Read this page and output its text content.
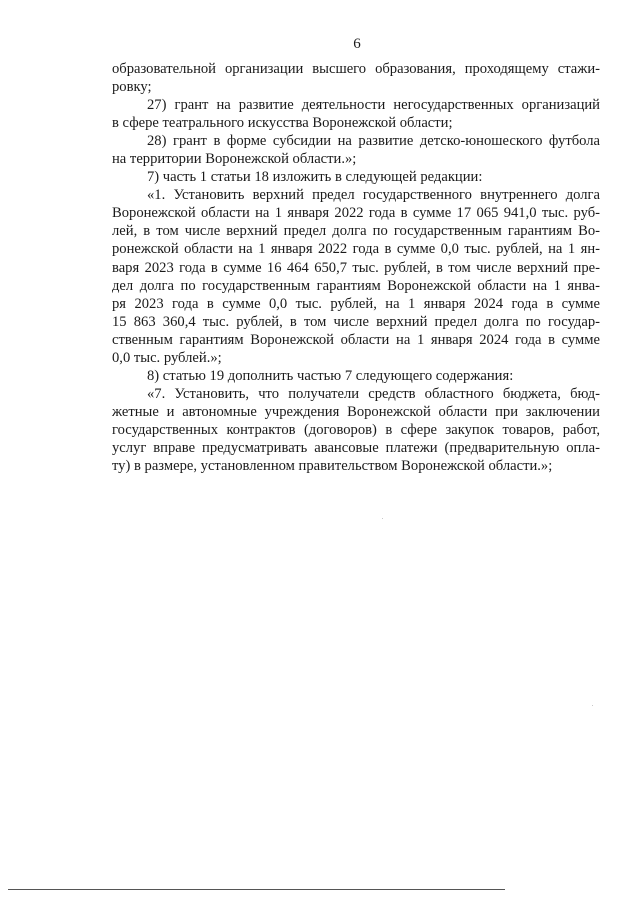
6
образовательной организации высшего образования, проходящему стажи-
ровку;
27) грант на развитие деятельности негосударственных организаций
в сфере театрального искусства Воронежской области;
28) грант в форме субсидии на развитие детско-юношеского футбола
на территории Воронежской области.»;
7) часть 1 статьи 18 изложить в следующей редакции:
«1. Установить верхний предел государственного внутреннего долга
Воронежской области на 1 января 2022 года в сумме 17 065 941,0 тыс. руб-
лей, в том числе верхний предел долга по государственным гарантиям Во-
ронежской области на 1 января 2022 года в сумме 0,0 тыс. рублей, на 1 ян-
варя 2023 года в сумме 16 464 650,7 тыс. рублей, в том числе верхний пре-
дел долга по государственным гарантиям Воронежской области на 1 янва-
ря 2023 года в сумме 0,0 тыс. рублей, на 1 января 2024 года в сумме
15 863 360,4 тыс. рублей, в том числе верхний предел долга по государ-
ственным гарантиям Воронежской области на 1 января 2024 года в сумме
0,0 тыс. рублей.»;
8) статью 19 дополнить частью 7 следующего содержания:
«7. Установить, что получатели средств областного бюджета, бюд-
жетные и автономные учреждения Воронежской области при заключении
государственных контрактов (договоров) в сфере закупок товаров, работ,
услуг вправе предусматривать авансовые платежи (предварительную опла-
ту) в размере, установленном правительством Воронежской области.»;
